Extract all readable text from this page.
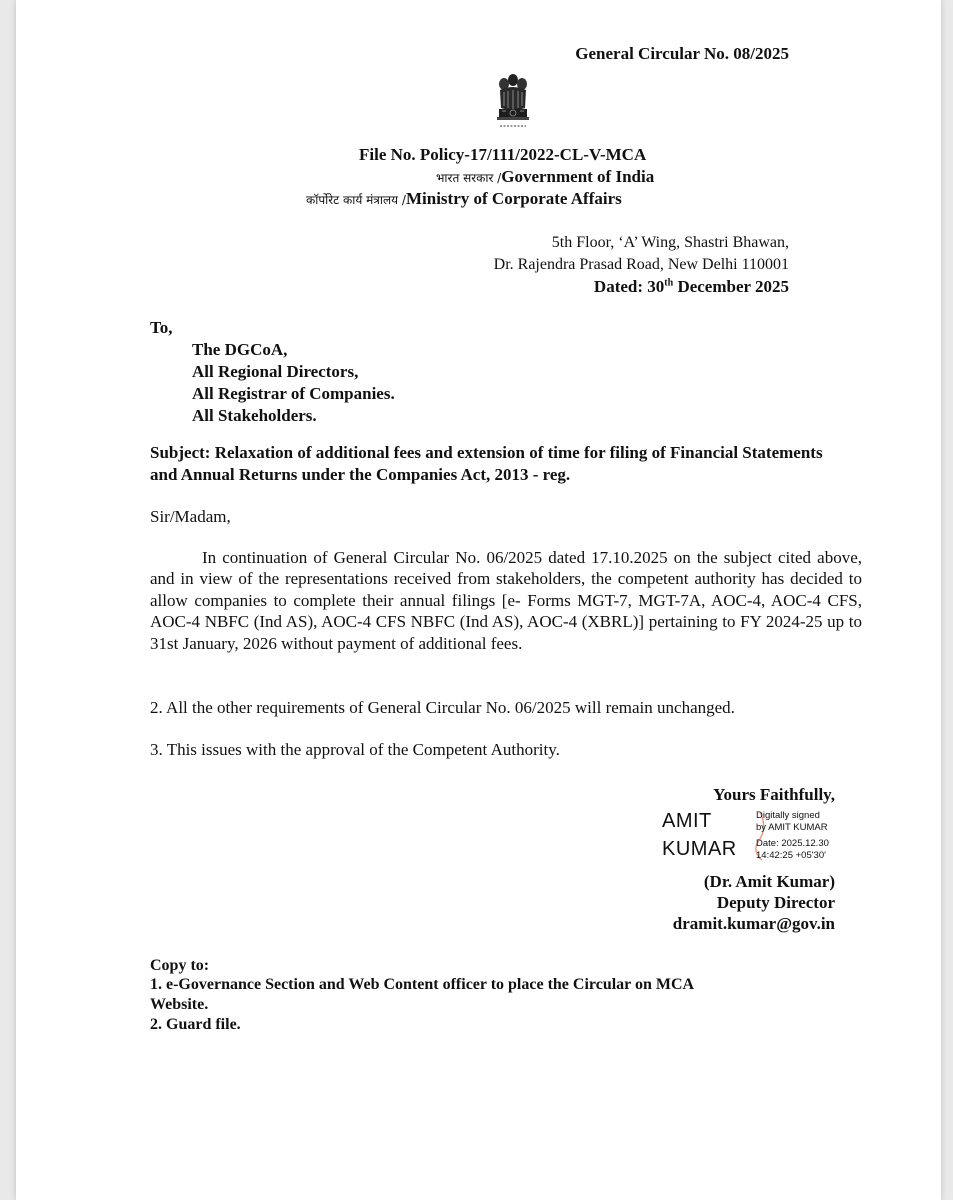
General Circular No. 08/2025
File No. Policy-17/111/2022-CL-V-MCA
भारत सरकार /Government of India
कॉर्पोरेट कार्य मंत्रालय /Ministry of Corporate Affairs
5th Floor, ‘A’ Wing, Shastri Bhawan,
Dr. Rajendra Prasad Road, New Delhi 110001
Dated: 30th December 2025
To,
The DGCoA,
All Regional Directors,
All Registrar of Companies.
All Stakeholders.
Subject: Relaxation of additional fees and extension of time for filing of Financial Statements and Annual Returns under the Companies Act, 2013 - reg.
Sir/Madam,
In continuation of General Circular No. 06/2025 dated 17.10.2025 on the subject cited above, and in view of the representations received from stakeholders, the competent authority has decided to allow companies to complete their annual filings [e- Forms MGT-7, MGT-7A, AOC-4, AOC-4 CFS, AOC-4 NBFC (Ind AS), AOC-4 CFS NBFC (Ind AS), AOC-4 (XBRL)] pertaining to FY 2024-25 up to 31st January, 2026 without payment of additional fees.
2. All the other requirements of General Circular No. 06/2025 will remain unchanged.
3. This issues with the approval of the Competent Authority.
Yours Faithfully,
AMIT
KUMAR
Digitally signed
by AMIT KUMAR
Date: 2025.12.30
14:42:25 +05'30'
(Dr. Amit Kumar)
Deputy Director
dramit.kumar@gov.in
Copy to:
1. e-Governance Section and Web Content officer to place the Circular on MCA
Website.
2. Guard file.
